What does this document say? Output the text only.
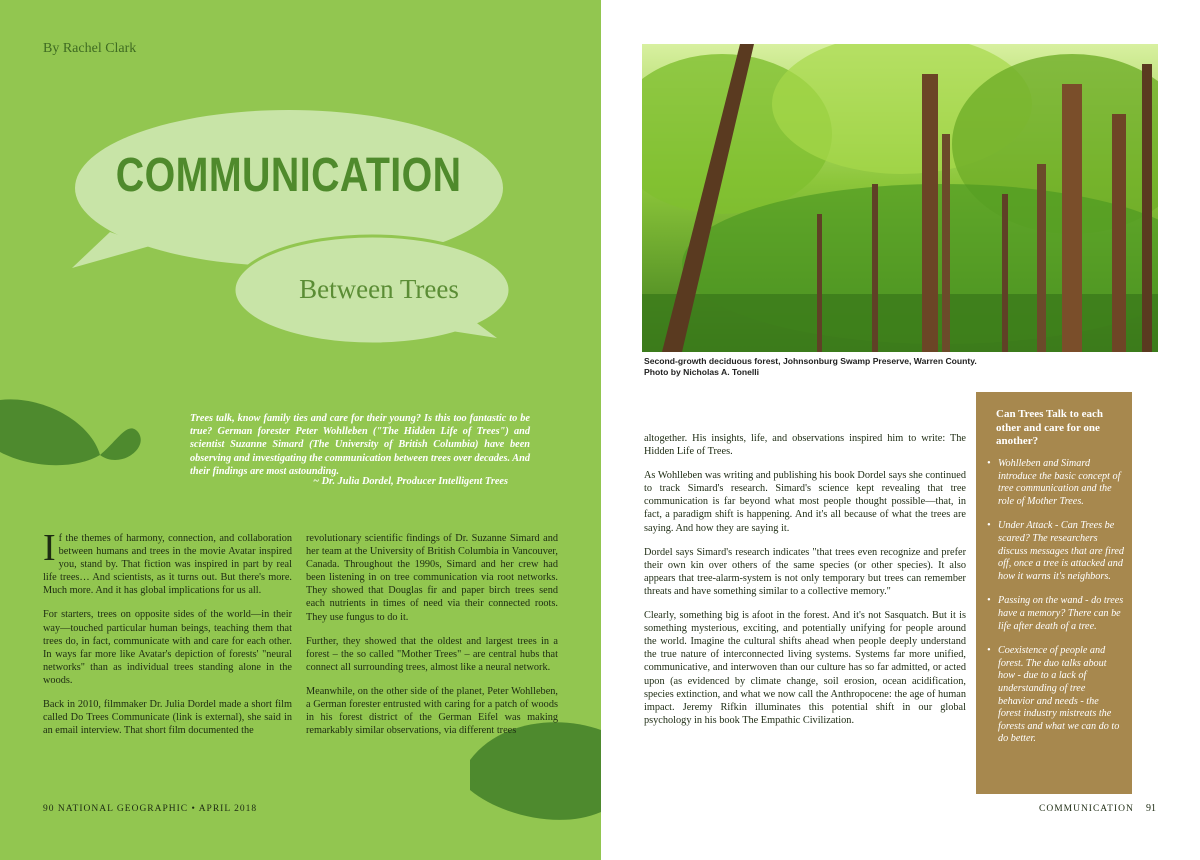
By Rachel Clark
COMMUNICATION
Between Trees
Trees talk, know family ties and care for their young? Is this too fantastic to be true? German forester Peter Wohlleben ("The Hidden Life of Trees") and scientist Suzanne Simard (The University of British Columbia) have been observing and investigating the communication between trees over decades. And their findings are most astounding.
~ Dr. Julia Dordel, Producer Intelligent Trees

If the themes of harmony, connection, and collaboration between humans and trees in the movie Avatar inspired you, stand by. That fiction was inspired in part by real life trees… And scientists, as it turns out. But there's more. Much more. And it has global implications for us all.

For starters, trees on opposite sides of the world—in their way—touched particular human beings, teaching them that trees do, in fact, communicate with and care for each other. In ways far more like Avatar's depiction of forests' "neural networks" than as individual trees standing alone in the woods.

Back in 2010, filmmaker Dr. Julia Dordel made a short film called Do Trees Communicate (link is external), she said in an email interview. That short film documented the

revolutionary scientific findings of Dr. Suzanne Simard and her team at the University of British Columbia in Vancouver, Canada. Throughout the 1990s, Simard and her crew had been listening in on tree communication via root networks. They showed that Douglas fir and paper birch trees send each nutrients in times of need via their connected roots. They use fungus to do it.

Further, they showed that the oldest and largest trees in a forest – the so called "Mother Trees" – are central hubs that connect all surrounding trees, almost like a neural network.

Meanwhile, on the other side of the planet, Peter Wohlleben, a German forester entrusted with caring for a patch of woods in his forest district of the German Eifel was making remarkably similar observations, via different trees

90 NATIONAL GEOGRAPHIC • APRIL 2018
Second-growth deciduous forest, Johnsonburg Swamp Preserve, Warren County.
Photo by Nicholas A. Tonelli

altogether. His insights, life, and observations inspired him to write: The Hidden Life of Trees.

As Wohlleben was writing and publishing his book Dordel says she continued to track Simard's research. Simard's science kept revealing that tree communication is far beyond what most people thought possible—that, in fact, a paradigm shift is happening. And it's all because of what the trees are saying. And how they are saying it.

Dordel says Simard's research indicates "that trees even recognize and prefer their own kin over others of the same species (or other species). It also appears that tree-alarm-system is not only temporary but trees can remember threats and have something similar to a collective memory."

Clearly, something big is afoot in the forest. And it's not Sasquatch. But it is something mysterious, exciting, and potentially unifying for people around the world. Imagine the cultural shifts ahead when people deeply understand the true nature of interconnected living systems. Systems far more unified, communicative, and interwoven than our culture has so far admitted, or acted upon (as evidenced by climate change, soil erosion, ocean acidification, species extinction, and what we now call the Anthropocene: the age of human impact. Jeremy Rifkin illuminates this potential shift in our global psychology in his book The Empathic Civilization.

Can Trees Talk to each other and care for one another?
• Wohlleben and Simard introduce the basic concept of tree communication and the role of Mother Trees.
• Under Attack - Can Trees be scared? The researchers discuss messages that are fired off, once a tree is attacked and how it warns it's neighbors.
• Passing on the wand - do trees have a memory? There can be life after death of a tree.
• Coexistence of people and forest. The duo talks about how - due to a lack of understanding of tree behavior and needs - the forest industry mistreats the forests and what we can do to do better.
COMMUNICATION 91
